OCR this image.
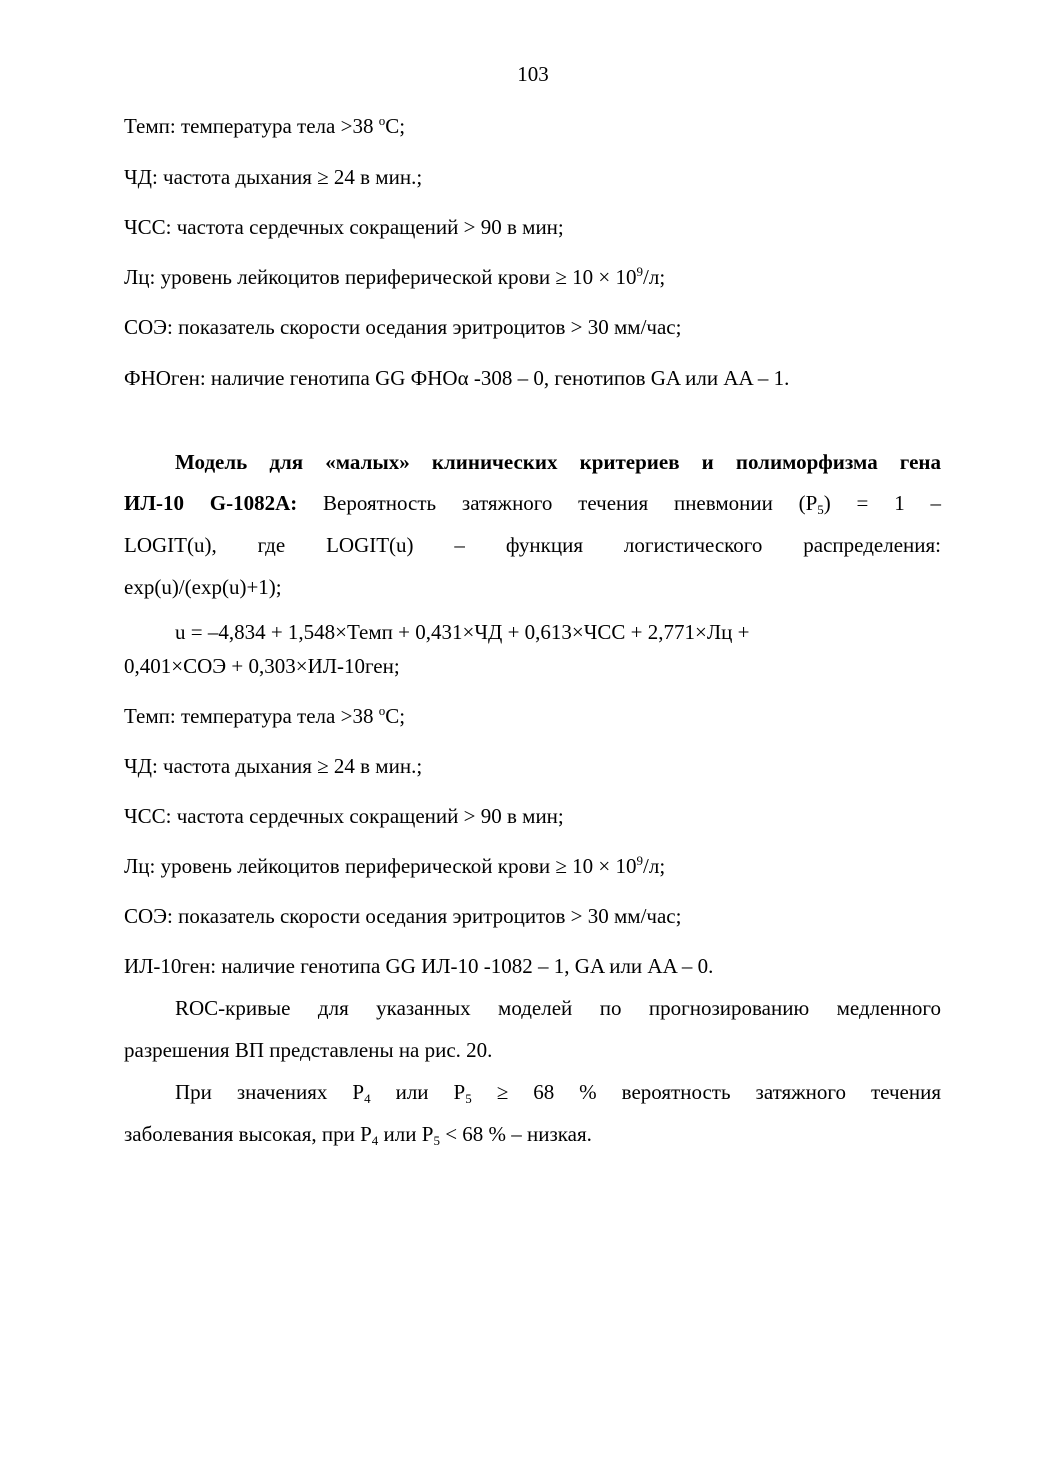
103
Темп: температура тела >38 $^о$С;
ЧД: частота дыхания ≥ 24 в мин.;
ЧСС: частота сердечных сокращений > 90 в мин;
Лц: уровень лейкоцитов периферической крови ≥ $10 \times 10^9/л$;
СОЭ: показатель скорости оседания эритроцитов > 30 мм/час;
ФНОген: наличие генотипа GG ФНОα -308 – 0, генотипов GA или AA – 1.
Модель для «малых» клинических критериев и полиморфизма гена
ИЛ-10 G-1082A: Вероятность затяжного течения пневмонии $(P_5) = 1$ –
LOGIT(u), где LOGIT(u) – функция логистического распределения:
exp(u)/(exp(u)+1);
u = –4,834 + 1,548×Темп + 0,431×ЧД + 0,613×ЧСС + 2,771×Лц +
0,401×СОЭ + 0,303×ИЛ-10ген;
Темп: температура тела >38 $^о$С;
ЧД: частота дыхания ≥ 24 в мин.;
ЧСС: частота сердечных сокращений > 90 в мин;
Лц: уровень лейкоцитов периферической крови ≥ $10 \times 10^9/л$;
СОЭ: показатель скорости оседания эритроцитов > 30 мм/час;
ИЛ-10ген: наличие генотипа GG ИЛ-10 -1082 – 1, GA или AA – 0.
ROC-кривые для указанных моделей по прогнозированию медленного
разрешения ВП представлены на рис. 20.
При значениях $P_4$ или $P_5 \ge 68$ % вероятность затяжного течения
заболевания высокая, при $P_4$ или $P_5 < 68$ % – низкая.
